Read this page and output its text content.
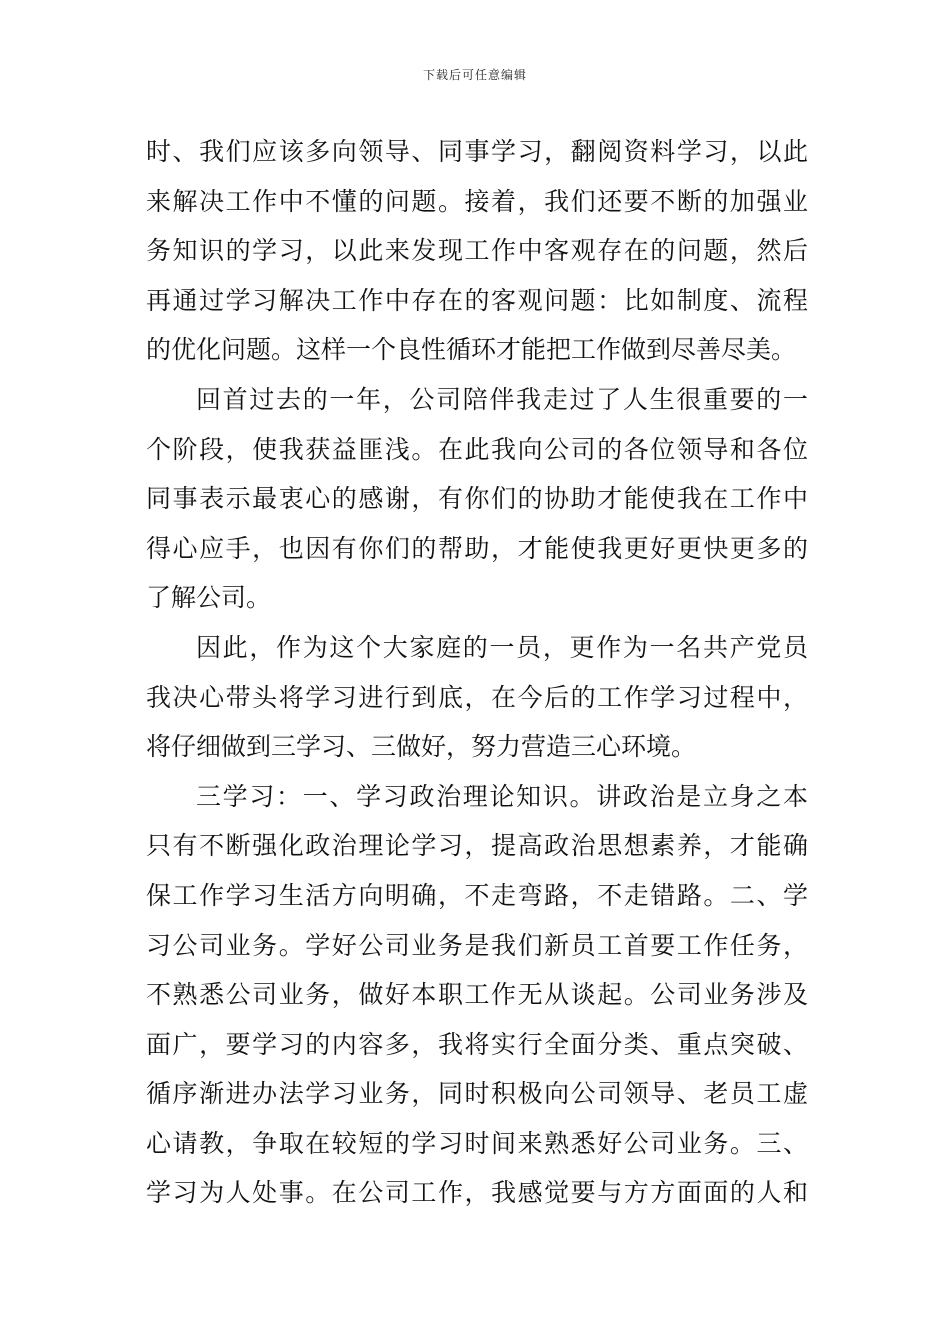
下载后可任意编辑
时、我们应该多向领导、同事学习，翻阅资料学习，以此
来解决工作中不懂的问题。接着，我们还要不断的加强业
务知识的学习，以此来发现工作中客观存在的问题，然后
再通过学习解决工作中存在的客观问题：比如制度、流程
的优化问题。这样一个良性循环才能把工作做到尽善尽美。
回首过去的一年，公司陪伴我走过了人生很重要的一
个阶段，使我获益匪浅。在此我向公司的各位领导和各位
同事表示最衷心的感谢，有你们的协助才能使我在工作中
得心应手，也因有你们的帮助，才能使我更好更快更多的
了解公司。
因此，作为这个大家庭的一员，更作为一名共产党员
我决心带头将学习进行到底，在今后的工作学习过程中，
将仔细做到三学习、三做好，努力营造三心环境。
三学习：一、学习政治理论知识。讲政治是立身之本
只有不断强化政治理论学习，提高政治思想素养，才能确
保工作学习生活方向明确，不走弯路，不走错路。二、学
习公司业务。学好公司业务是我们新员工首要工作任务，
不熟悉公司业务，做好本职工作无从谈起。公司业务涉及
面广，要学习的内容多，我将实行全面分类、重点突破、
循序渐进办法学习业务，同时积极向公司领导、老员工虚
心请教，争取在较短的学习时间来熟悉好公司业务。三、
学习为人处事。在公司工作，我感觉要与方方面面的人和
